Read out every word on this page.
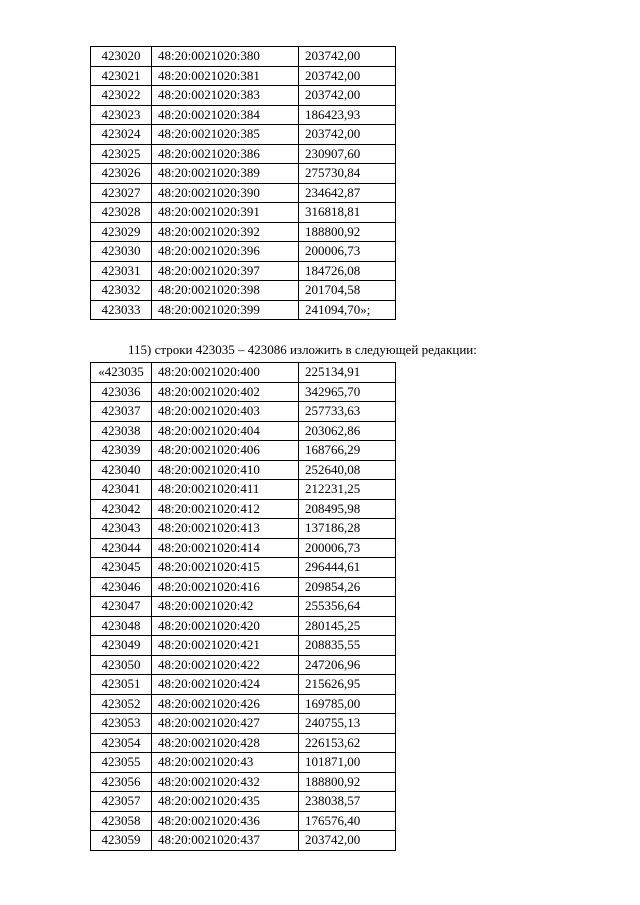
423020	48:20:0021020:380	203742,00
423021	48:20:0021020:381	203742,00
423022	48:20:0021020:383	203742,00
423023	48:20:0021020:384	186423,93
423024	48:20:0021020:385	203742,00
423025	48:20:0021020:386	230907,60
423026	48:20:0021020:389	275730,84
423027	48:20:0021020:390	234642,87
423028	48:20:0021020:391	316818,81
423029	48:20:0021020:392	188800,92
423030	48:20:0021020:396	200006,73
423031	48:20:0021020:397	184726,08
423032	48:20:0021020:398	201704,58
423033	48:20:0021020:399	241094,70»;
115) строки 423035 – 423086 изложить в следующей редакции:
«423035	48:20:0021020:400	225134,91
423036	48:20:0021020:402	342965,70
423037	48:20:0021020:403	257733,63
423038	48:20:0021020:404	203062,86
423039	48:20:0021020:406	168766,29
423040	48:20:0021020:410	252640,08
423041	48:20:0021020:411	212231,25
423042	48:20:0021020:412	208495,98
423043	48:20:0021020:413	137186,28
423044	48:20:0021020:414	200006,73
423045	48:20:0021020:415	296444,61
423046	48:20:0021020:416	209854,26
423047	48:20:0021020:42	255356,64
423048	48:20:0021020:420	280145,25
423049	48:20:0021020:421	208835,55
423050	48:20:0021020:422	247206,96
423051	48:20:0021020:424	215626,95
423052	48:20:0021020:426	169785,00
423053	48:20:0021020:427	240755,13
423054	48:20:0021020:428	226153,62
423055	48:20:0021020:43	101871,00
423056	48:20:0021020:432	188800,92
423057	48:20:0021020:435	238038,57
423058	48:20:0021020:436	176576,40
423059	48:20:0021020:437	203742,00
